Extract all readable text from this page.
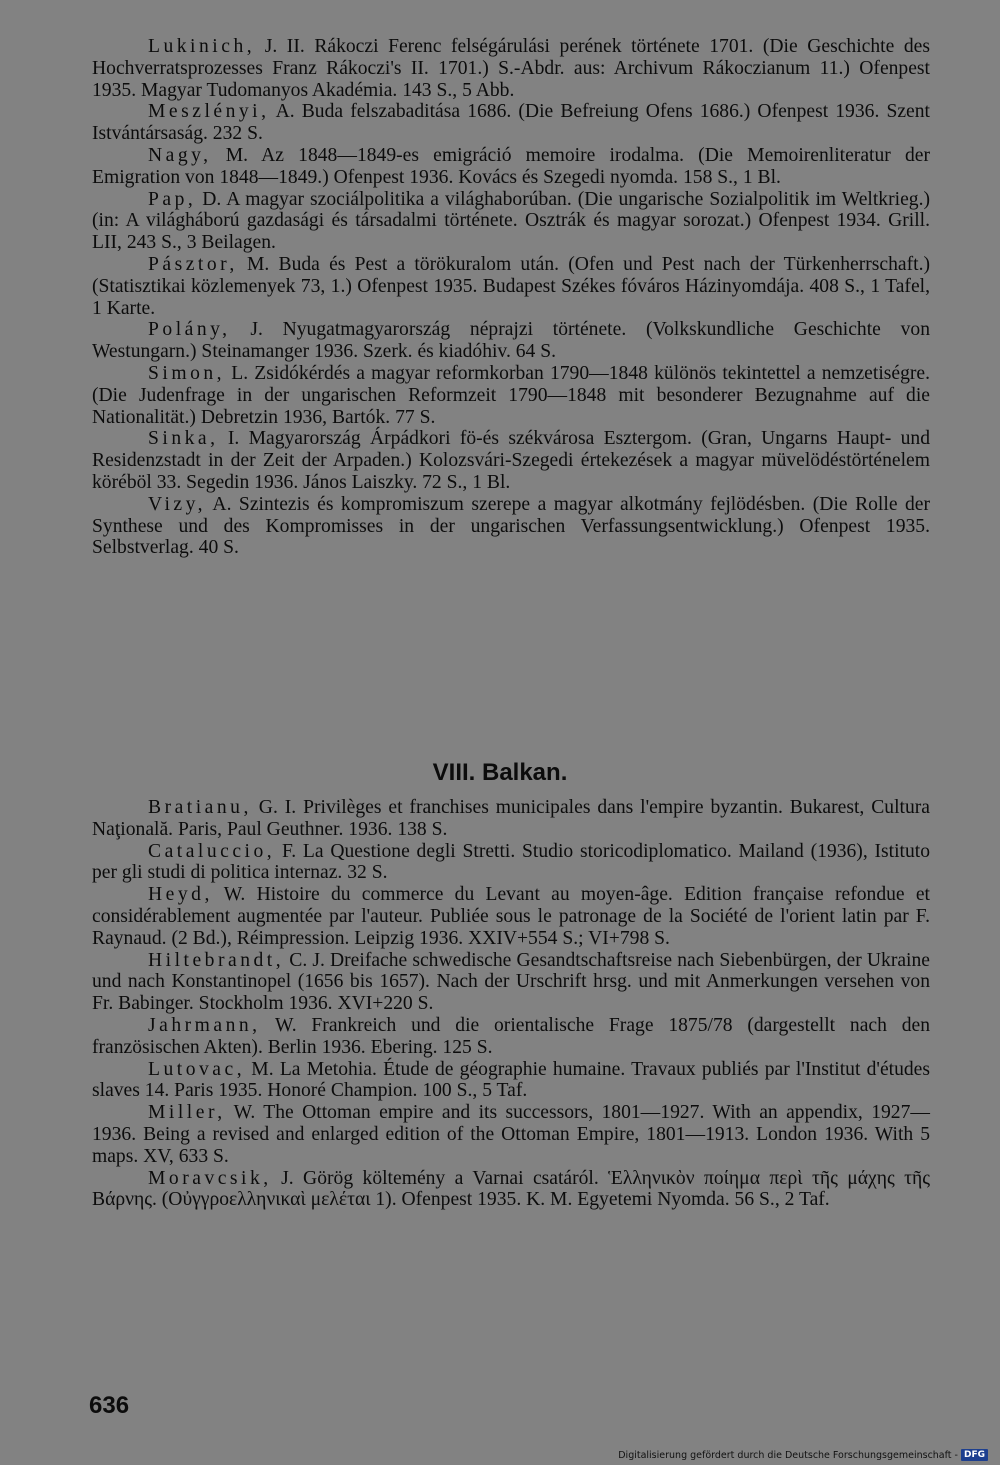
Lukinich, J. II. Rákoczi Ferenc felségárulási perének története 1701. (Die Geschichte des Hochverratsprozesses Franz Rákoczi's II. 1701.) S.-Abdr. aus: Archivum Rákoczianum 11.) Ofenpest 1935. Magyar Tudomanyos Akadémia. 143 S., 5 Abb.

Meszlényi, A. Buda felszabaditása 1686. (Die Befreiung Ofens 1686.) Ofenpest 1936. Szent Istvántársaság. 232 S.

Nagy, M. Az 1848—1849-es emigráció memoire irodalma. (Die Memoirenliteratur der Emigration von 1848—1849.) Ofenpest 1936. Kovács és Szegedi nyomda. 158 S., 1 Bl.

Pap, D. A magyar szociálpolitika a világhaborúban. (Die ungarische Sozialpolitik im Weltkrieg.) (in: A világháború gazdasági és társadalmi története. Osztrák és magyar sorozat.) Ofenpest 1934. Grill. LII, 243 S., 3 Beilagen.

Pásztor, M. Buda és Pest a törökuralom után. (Ofen und Pest nach der Türkenherrschaft.) (Statisztikai közlemenyek 73, 1.) Ofenpest 1935. Budapest Székes fóváros Házinyomdája. 408 S., 1 Tafel, 1 Karte.

Polány, J. Nyugatmagyarország néprajzi története. (Volkskundliche Geschichte von Westungarn.) Steinamanger 1936. Szerk. és kiadóhiv. 64 S.

Simon, L. Zsidókérdés a magyar reformkorban 1790—1848 különös tekintettel a nemzetiségre. (Die Judenfrage in der ungarischen Reformzeit 1790—1848 mit besonderer Bezugnahme auf die Nationalität.) Debretzin 1936, Bartók. 77 S.

Sinka, I. Magyarország Árpádkori fö-és székvárosa Esztergom. (Gran, Ungarns Haupt- und Residenzstadt in der Zeit der Arpaden.) Kolozsvári-Szegedi értekezések a magyar müvelödéstörténelem köréböl 33. Segedin 1936. János Laiszky. 72 S., 1 Bl.

Vizy, A. Szintezis és kompromiszum szerepe a magyar alkotmány fejlödésben. (Die Rolle der Synthese und des Kompromisses in der ungarischen Verfassungsentwicklung.) Ofenpest 1935. Selbstverlag. 40 S.

VIII. Balkan.

Bratianu, G. I. Privilèges et franchises municipales dans l'empire byzantin. Bukarest, Cultura Naţională. Paris, Paul Geuthner. 1936. 138 S.

Cataluccio, F. La Questione degli Stretti. Studio storicodiplomatico. Mailand (1936), Istituto per gli studi di politica internaz. 32 S.

Heyd, W. Histoire du commerce du Levant au moyen-âge. Edition française refondue et considérablement augmentée par l'auteur. Publiée sous le patronage de la Société de l'orient latin par F. Raynaud. (2 Bd.), Réimpression. Leipzig 1936. XXIV+554 S.; VI+798 S.

Hiltebrandt, C. J. Dreifache schwedische Gesandtschaftsreise nach Siebenbürgen, der Ukraine und nach Konstantinopel (1656 bis 1657). Nach der Urschrift hrsg. und mit Anmerkungen versehen von Fr. Babinger. Stockholm 1936. XVI+220 S.

Jahrmann, W. Frankreich und die orientalische Frage 1875/78 (dargestellt nach den französischen Akten). Berlin 1936. Ebering. 125 S.

Lutovac, M. La Metohia. Étude de géographie humaine. Travaux publiés par l'Institut d'études slaves 14. Paris 1935. Honoré Champion. 100 S., 5 Taf.

Miller, W. The Ottoman empire and its successors, 1801—1927. With an appendix, 1927—1936. Being a revised and enlarged edition of the Ottoman Empire, 1801—1913. London 1936. With 5 maps. XV, 633 S.

Moravcsik, J. Görög költemény a Varnai csatáról. Ἑλληνικὸν ποίημα περὶ τῆς μάχης τῆς Βάρνης. (Οὐγγροελληνικαὶ μελέται 1). Ofenpest 1935. K. M. Egyetemi Nyomda. 56 S., 2 Taf.

636
Digitalisierung gefördert durch die Deutsche Forschungsgemeinschaft - DFG
